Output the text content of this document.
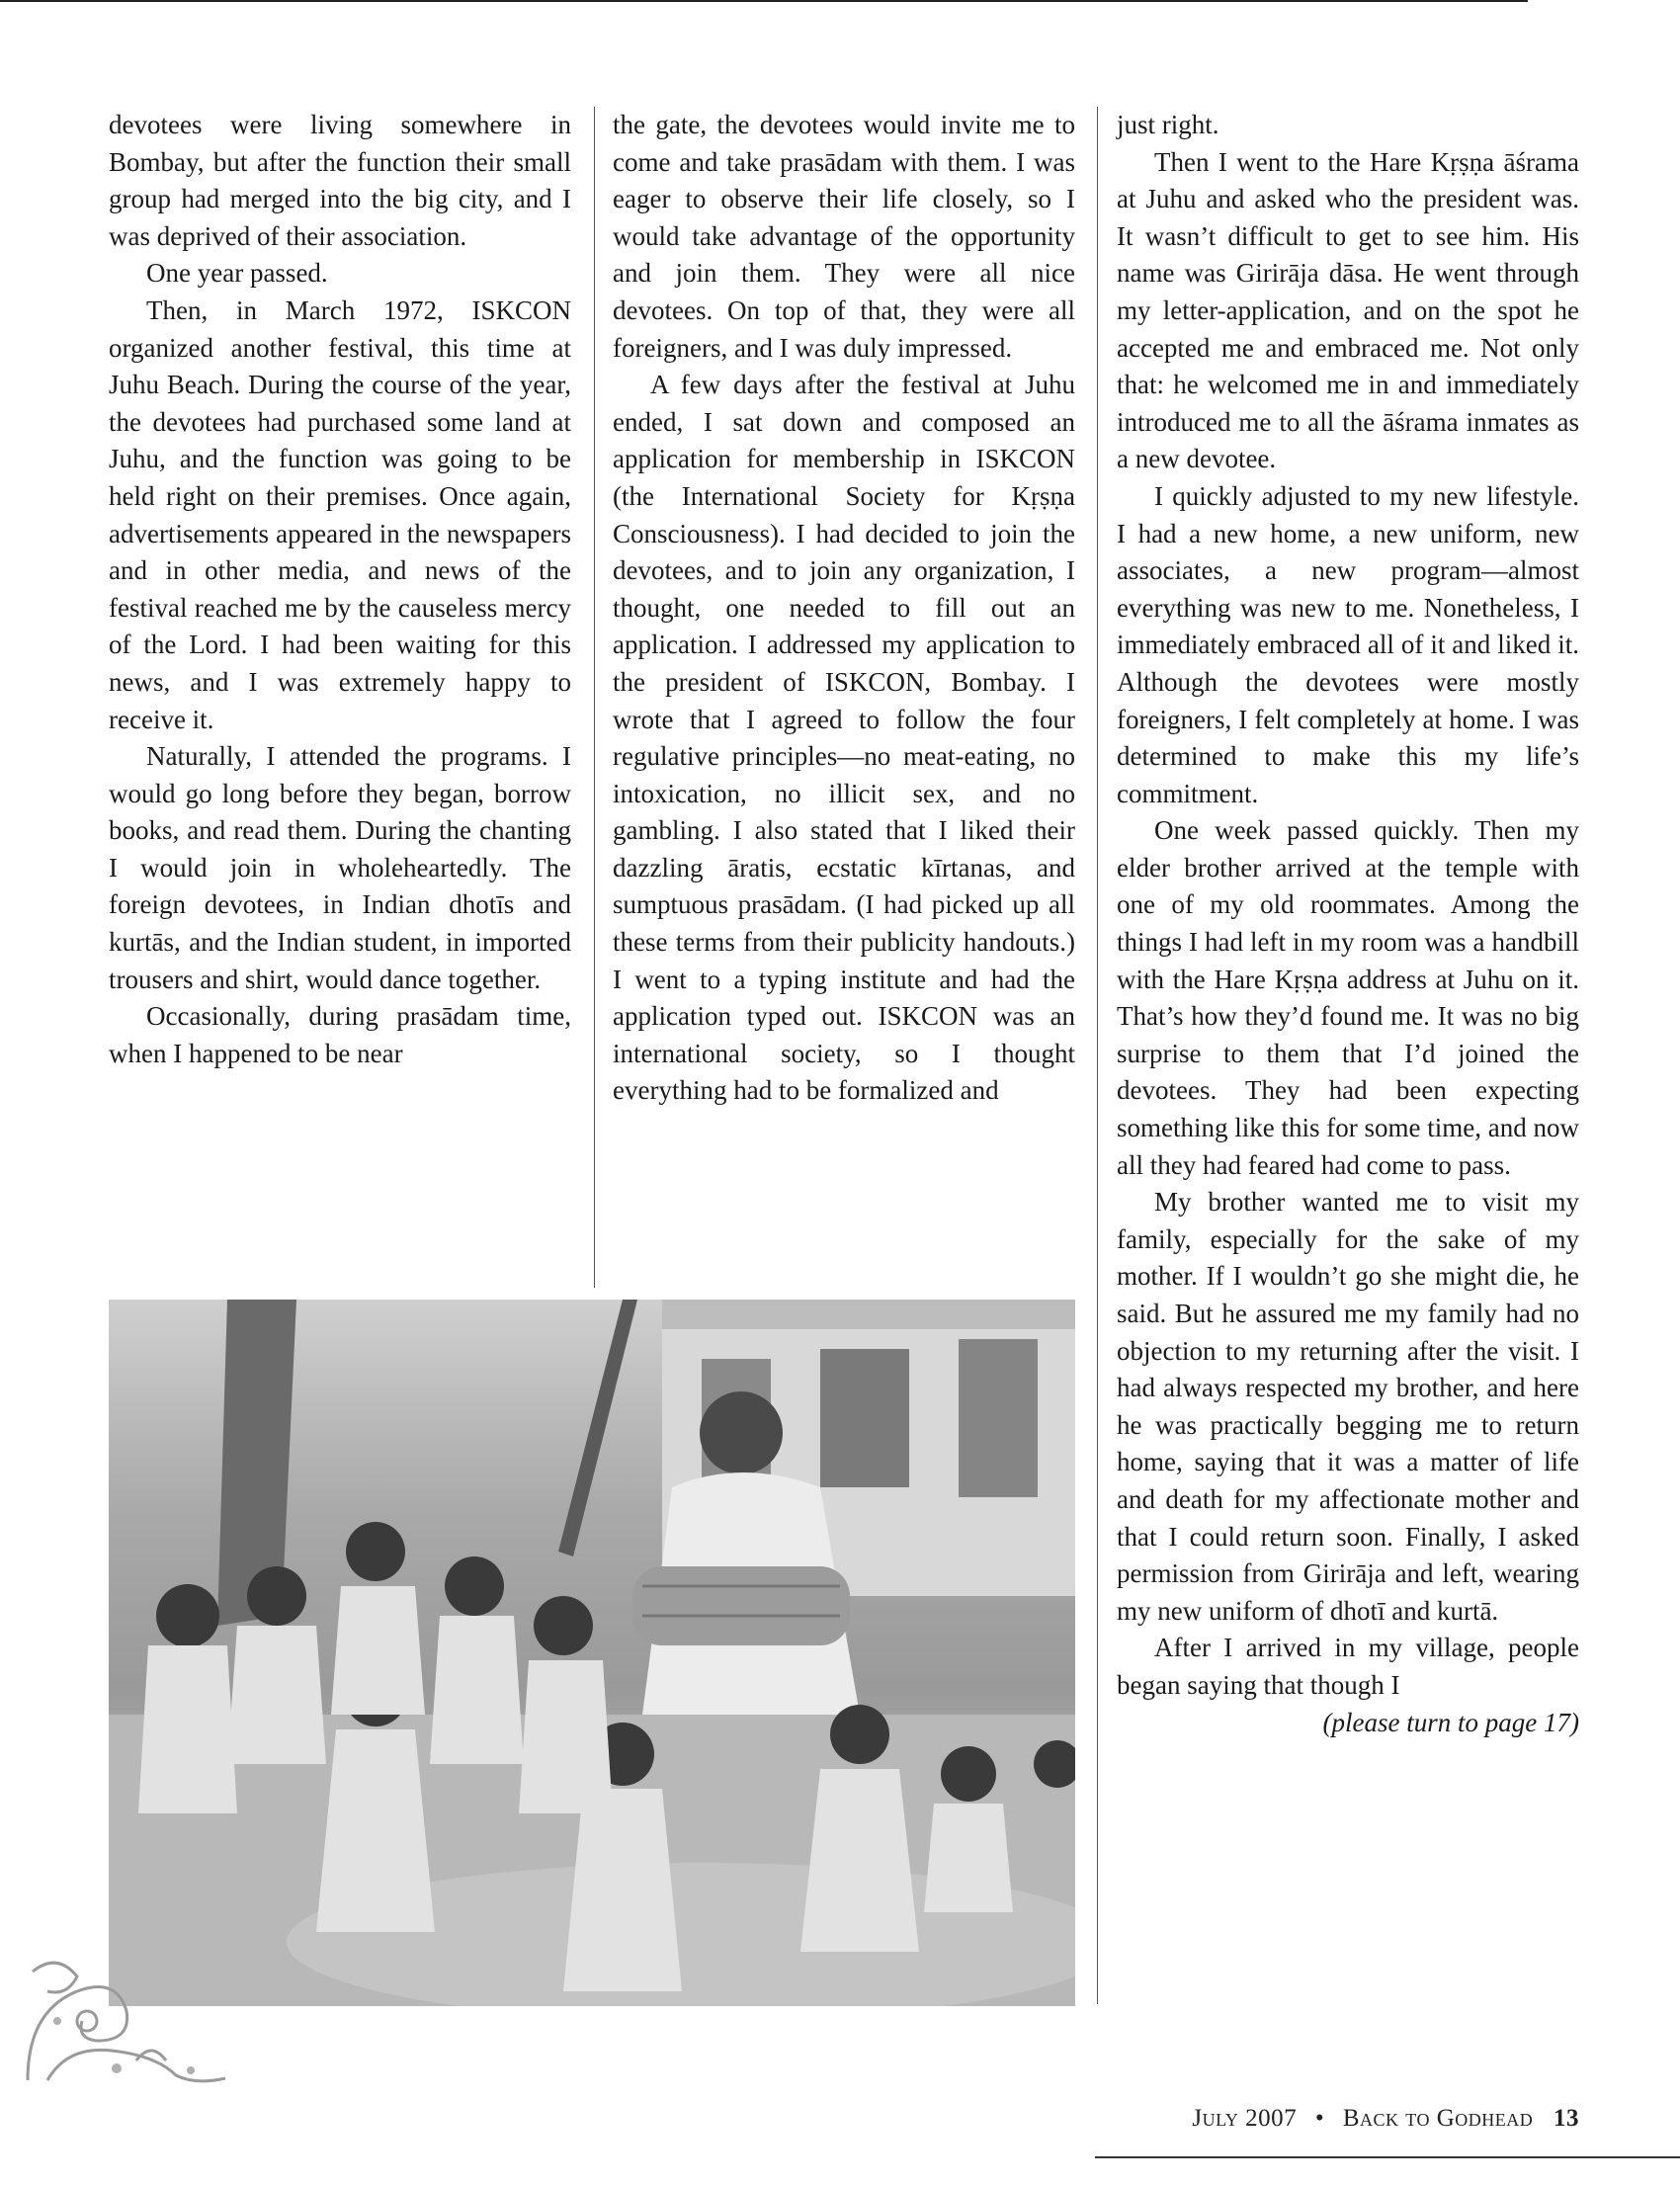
devotees were living somewhere in Bombay, but after the function their small group had merged into the big city, and I was deprived of their association.

One year passed.

Then, in March 1972, ISKCON organized another festival, this time at Juhu Beach. During the course of the year, the devotees had purchased some land at Juhu, and the function was going to be held right on their premises. Once again, advertisements appeared in the newspapers and in other media, and news of the festival reached me by the causeless mercy of the Lord. I had been waiting for this news, and I was extremely happy to receive it.

Naturally, I attended the programs. I would go long before they began, borrow books, and read them. During the chanting I would join in wholeheartedly. The foreign devotees, in Indian dhotīs and kurtās, and the Indian student, in imported trousers and shirt, would dance together.

Occasionally, during prasādam time, when I happened to be near

the gate, the devotees would invite me to come and take prasādam with them. I was eager to observe their life closely, so I would take advantage of the opportunity and join them. They were all nice devotees. On top of that, they were all foreigners, and I was duly impressed.

A few days after the festival at Juhu ended, I sat down and composed an application for membership in ISKCON (the International Society for Kṛṣṇa Consciousness). I had decided to join the devotees, and to join any organization, I thought, one needed to fill out an application. I addressed my application to the president of ISKCON, Bombay. I wrote that I agreed to follow the four regulative principles—no meat-eating, no intoxication, no illicit sex, and no gambling. I also stated that I liked their dazzling āratis, ecstatic kīrtanas, and sumptuous prasādam. (I had picked up all these terms from their publicity handouts.) I went to a typing institute and had the application typed out. ISKCON was an international society, so I thought everything had to be formalized and

just right.

Then I went to the Hare Kṛṣṇa āśrama at Juhu and asked who the president was. It wasn’t difficult to get to see him. His name was Girirāja dāsa. He went through my letter-application, and on the spot he accepted me and embraced me. Not only that: he welcomed me in and immediately introduced me to all the āśrama inmates as a new devotee.

I quickly adjusted to my new lifestyle. I had a new home, a new uniform, new associates, a new program—almost everything was new to me. Nonetheless, I immediately embraced all of it and liked it. Although the devotees were mostly foreigners, I felt completely at home. I was determined to make this my life’s commitment.

One week passed quickly. Then my elder brother arrived at the temple with one of my old roommates. Among the things I had left in my room was a handbill with the Hare Kṛṣṇa address at Juhu on it. That’s how they’d found me. It was no big surprise to them that I’d joined the devotees. They had been expecting something like this for some time, and now all they had feared had come to pass.

My brother wanted me to visit my family, especially for the sake of my mother. If I wouldn’t go she might die, he said. But he assured me my family had no objection to my returning after the visit. I had always respected my brother, and here he was practically begging me to return home, saying that it was a matter of life and death for my affectionate mother and that I could return soon. Finally, I asked permission from Girirāja and left, wearing my new uniform of dhotī and kurtā.

After I arrived in my village, people began saying that though I

(please turn to page 17)

July 2007 • Back to Godhead 13
